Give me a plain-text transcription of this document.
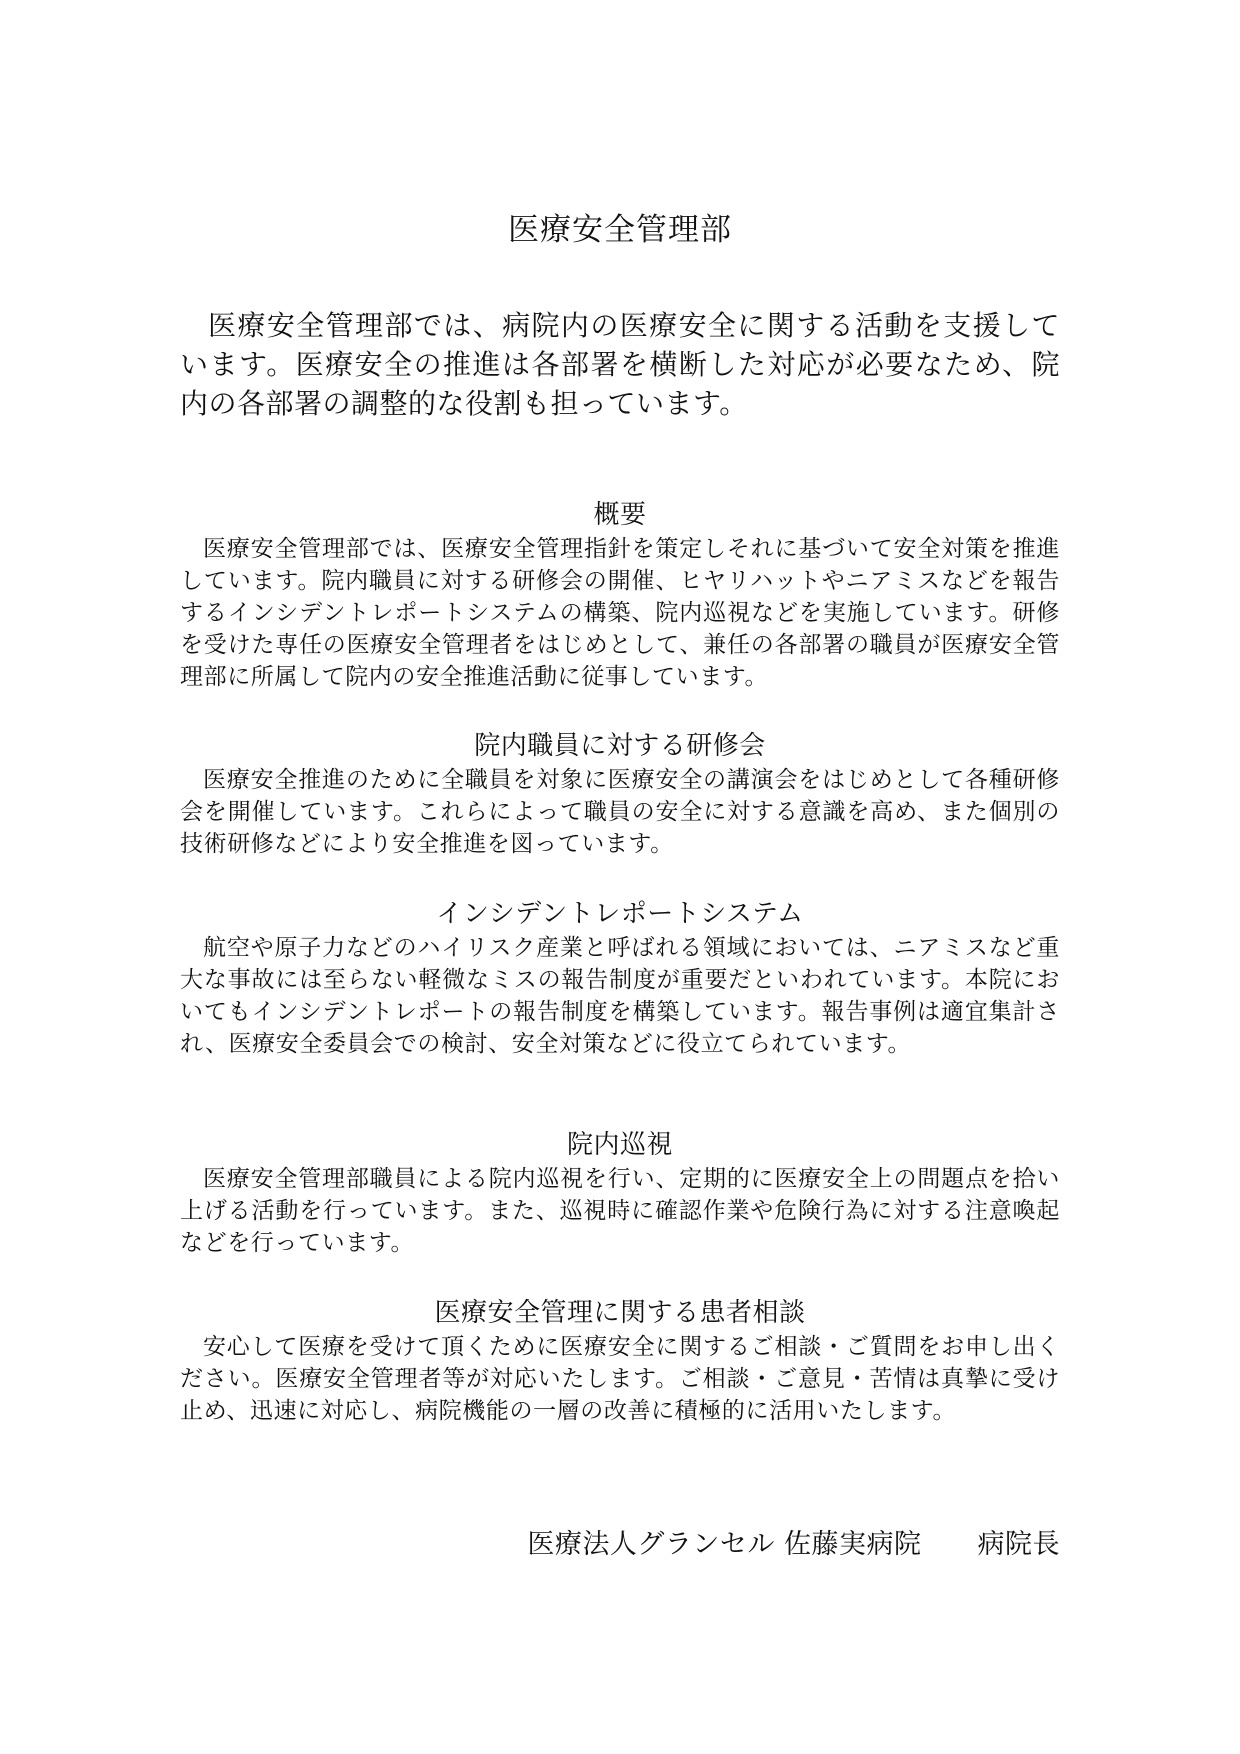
医療安全管理部

医療安全管理部では、病院内の医療安全に関する活動を支援しています。医療安全の推進は各部署を横断した対応が必要なため、院内の各部署の調整的な役割も担っています。

概要

医療安全管理部では、医療安全管理指針を策定しそれに基づいて安全対策を推進しています。院内職員に対する研修会の開催、ヒヤリハットやニアミスなどを報告するインシデントレポートシステムの構築、院内巡視などを実施しています。研修を受けた専任の医療安全管理者をはじめとして、兼任の各部署の職員が医療安全管理部に所属して院内の安全推進活動に従事しています。

院内職員に対する研修会

医療安全推進のために全職員を対象に医療安全の講演会をはじめとして各種研修会を開催しています。これらによって職員の安全に対する意識を高め、また個別の技術研修などにより安全推進を図っています。

インシデントレポートシステム

航空や原子力などのハイリスク産業と呼ばれる領域においては、ニアミスなど重大な事故には至らない軽微なミスの報告制度が重要だといわれています。本院においてもインシデントレポートの報告制度を構築しています。報告事例は適宜集計され、医療安全委員会での検討、安全対策などに役立てられています。

院内巡視

医療安全管理部職員による院内巡視を行い、定期的に医療安全上の問題点を拾い上げる活動を行っています。また、巡視時に確認作業や危険行為に対する注意喚起などを行っています。

医療安全管理に関する患者相談

安心して医療を受けて頂くために医療安全に関するご相談・ご質問をお申し出ください。医療安全管理者等が対応いたします。ご相談・ご意見・苦情は真摯に受け止め、迅速に対応し、病院機能の一層の改善に積極的に活用いたします。

医療法人グランセル 佐藤実病院 病院長
